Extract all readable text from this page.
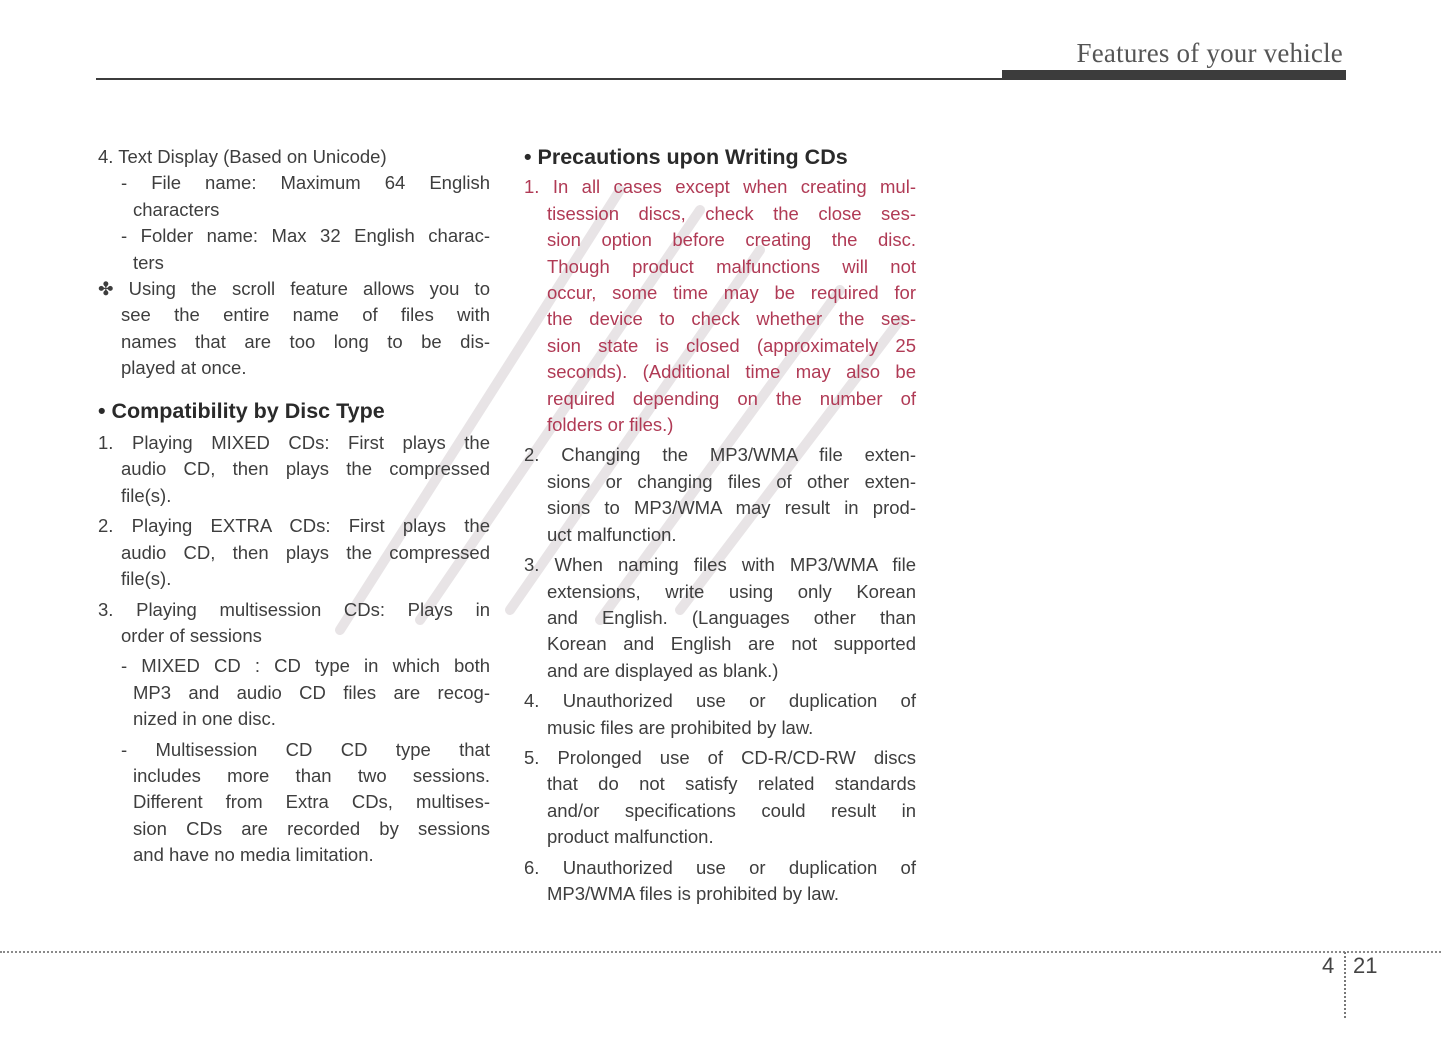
Features of your vehicle
4. Text Display (Based on Unicode)
- File name: Maximum 64 English
characters
- Folder name: Max 32 English charac-
ters
✤ Using the scroll feature allows you to
see the entire name of files with
names that are too long to be dis-
played at once.
• Compatibility by Disc Type
1. Playing MIXED CDs: First plays the
audio CD, then plays the compressed
file(s).
2. Playing EXTRA CDs: First plays the
audio CD, then plays the compressed
file(s).
3. Playing multisession CDs: Plays in
order of sessions
- MIXED CD : CD type in which both
MP3 and audio CD files are recog-
nized in one disc.
- Multisession CD CD type that
includes more than two sessions.
Different from Extra CDs, multises-
sion CDs are recorded by sessions
and have no media limitation.
• Precautions upon Writing CDs
1. In all cases except when creating mul-
tisession discs, check the close ses-
sion option before creating the disc.
Though product malfunctions will not
occur, some time may be required for
the device to check whether the ses-
sion state is closed (approximately 25
seconds). (Additional time may also be
required depending on the number of
folders or files.)
2. Changing the MP3/WMA file exten-
sions or changing files of other exten-
sions to MP3/WMA may result in prod-
uct malfunction.
3. When naming files with MP3/WMA file
extensions, write using only Korean
and English. (Languages other than
Korean and English are not supported
and are displayed as blank.)
4. Unauthorized use or duplication of
music files are prohibited by law.
5. Prolonged use of CD-R/CD-RW discs
that do not satisfy related standards
and/or specifications could result in
product malfunction.
6. Unauthorized use or duplication of
MP3/WMA files is prohibited by law.
4 21
